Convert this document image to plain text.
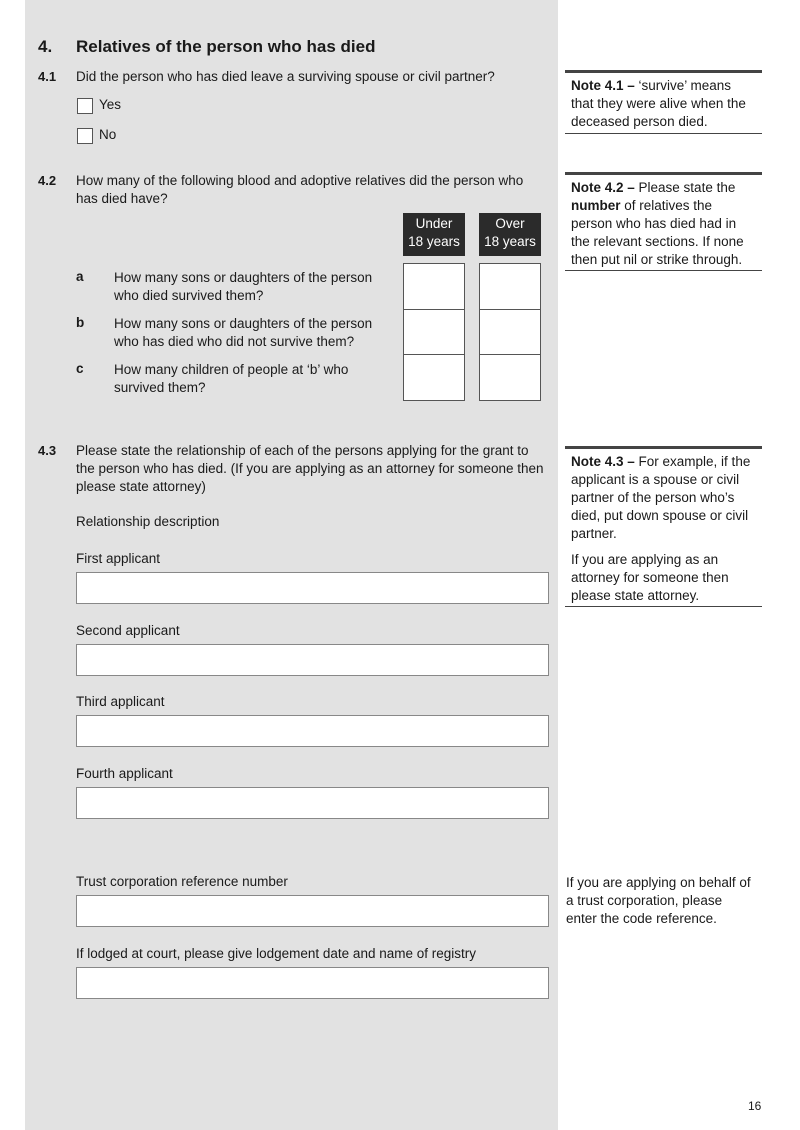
4. Relatives of the person who has died
4.1 Did the person who has died leave a surviving spouse or civil partner?
Yes
No
4.2 How many of the following blood and adoptive relatives did the person who has died have?
Under
18 years
Over
18 years
a How many sons or daughters of the person who died survived them?
b How many sons or daughters of the person who has died who did not survive them?
c How many children of people at ‘b’ who survived them?
4.3 Please state the relationship of each of the persons applying for the grant to the person who has died. (If you are applying as an attorney for someone then please state attorney)
Relationship description
First applicant
Second applicant
Third applicant
Fourth applicant
Trust corporation reference number
If lodged at court, please give lodgement date and name of registry
Note 4.1 – ‘survive’ means that they were alive when the deceased person died.
Note 4.2 – Please state the number of relatives the person who has died had in the relevant sections. If none then put nil or strike through.
Note 4.3 – For example, if the applicant is a spouse or civil partner of the person who’s died, put down spouse or civil partner.
If you are applying as an attorney for someone then please state attorney.
If you are applying on behalf of a trust corporation, please enter the code reference.
16
